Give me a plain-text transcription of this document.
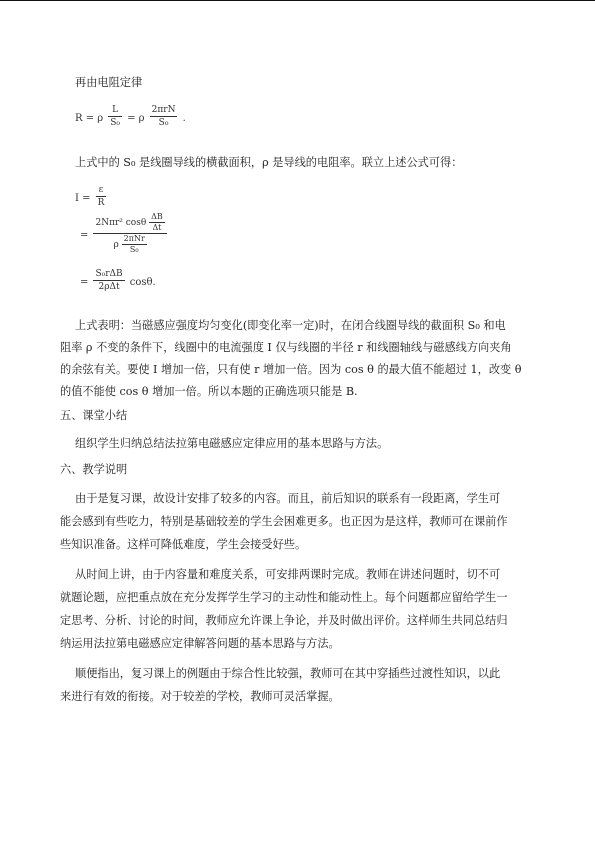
再由电阻定律
R = ρ $\frac{L}{\text{S₀}} = \rho \frac{\text{2πrN}}{\text{S₀}}$ .
上式中的 S₀ 是线圈导线的横截面积，ρ 是导线的电阻率。联立上述公式可得：
$I = \frac{\varepsilon}{R}$
= $\frac{2N\pi r^2 \cos\theta \frac{\Delta B}{\Delta t}}{\rho \frac{\text{2πNr}}{\text{S₀}}}$
= $\frac{\text{S₀rΔB}}{\text{2ρΔt}} \cos\theta$.
上式表明：当磁感应强度均匀变化(即变化率一定)时，在闭合线圈导线的截面积 S₀ 和电
阻率 ρ 不变的条件下，线圈中的电流强度 I 仅与线圈的半径 r 和线圈轴线与磁感线方向夹角
的余弦有关。要使 I 增加一倍，只有使 r 增加一倍。因为 cos θ 的最大值不能超过 1，改变 θ
的值不能使 cos θ 增加一倍。所以本题的正确选项只能是 B.
五、课堂小结
组织学生归纳总结法拉第电磁感应定律应用的基本思路与方法。
六、教学说明
由于是复习课，故设计安排了较多的内容。而且，前后知识的联系有一段距离，学生可
能会感到有些吃力，特别是基础较差的学生会困难更多。也正因为是这样，教师可在课前作
些知识准备。这样可降低难度，学生会接受好些。
从时间上讲，由于内容量和难度关系，可安排两课时完成。教师在讲述问题时，切不可
就题论题，应把重点放在充分发挥学生学习的主动性和能动性上。每个问题都应留给学生一
定思考、分析、讨论的时间，教师应允许课上争论，并及时做出评价。这样师生共同总结归
纳运用法拉第电磁感应定律解答问题的基本思路与方法。
顺便指出，复习课上的例题由于综合性比较强，教师可在其中穿插些过渡性知识，以此
来进行有效的衔接。对于较差的学校，教师可灵活掌握。
